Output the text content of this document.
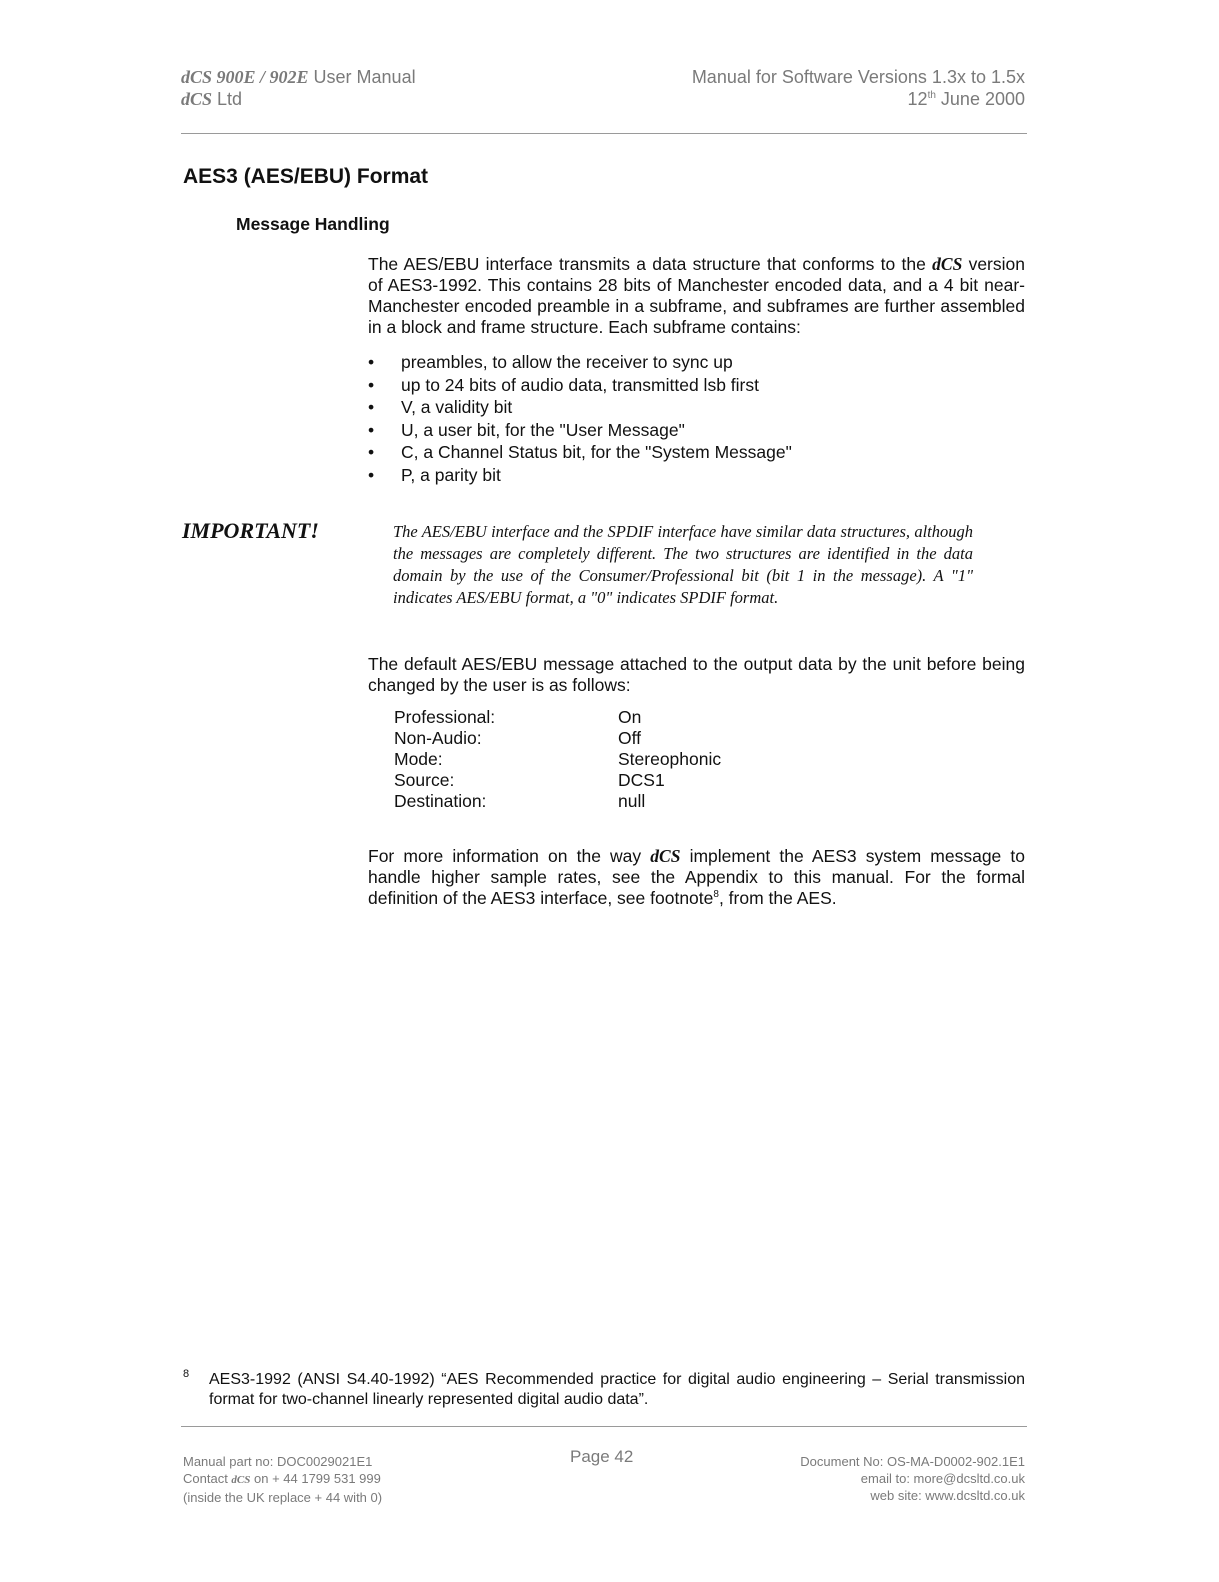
dCS 900E / 902E User Manual
dCS Ltd
Manual for Software Versions 1.3x to 1.5x
12th June 2000
AES3 (AES/EBU) Format
Message Handling
The AES/EBU interface transmits a data structure that conforms to the dCS version of AES3-1992. This contains 28 bits of Manchester encoded data, and a 4 bit near-Manchester encoded preamble in a subframe, and subframes are further assembled in a block and frame structure. Each subframe contains:
• preambles, to allow the receiver to sync up
• up to 24 bits of audio data, transmitted lsb first
• V, a validity bit
• U, a user bit, for the "User Message"
• C, a Channel Status bit, for the "System Message"
• P, a parity bit
IMPORTANT!	The AES/EBU interface and the SPDIF interface have similar data structures, although the messages are completely different. The two structures are identified in the data domain by the use of the Consumer/Professional bit (bit 1 in the message). A "1" indicates AES/EBU format, a "0" indicates SPDIF format.
The default AES/EBU message attached to the output data by the unit before being changed by the user is as follows:
Professional:	On
Non-Audio:	Off
Mode:	Stereophonic
Source:	DCS1
Destination:	null
For more information on the way dCS implement the AES3 system message to handle higher sample rates, see the Appendix to this manual. For the formal definition of the AES3 interface, see footnote$^8$, from the AES.
8 AES3-1992 (ANSI S4.40-1992) “AES Recommended practice for digital audio engineering – Serial transmission format for two-channel linearly represented digital audio data”.
Manual part no: DOC0029021E1
Contact dCS on + 44 1799 531 999
(inside the UK replace + 44 with 0)
Page 42	Document No: OS-MA-D0002-902.1E1
email to: more@dcsltd.co.uk
web site: www.dcsltd.co.uk
